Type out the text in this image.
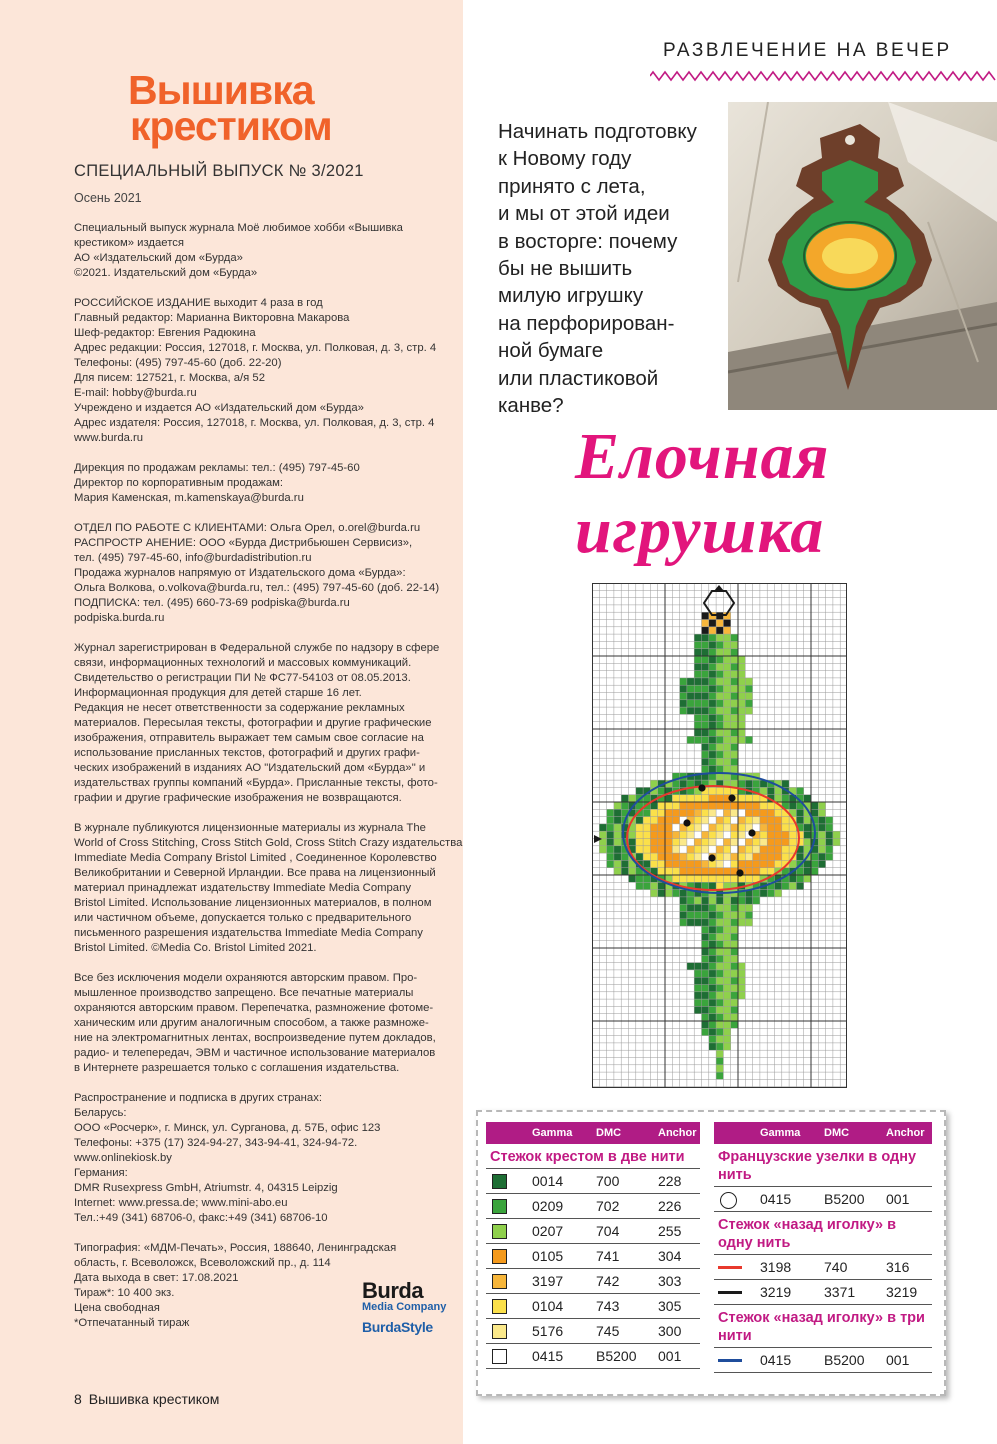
Вышивка
крестиком
СПЕЦИАЛЬНЫЙ ВЫПУСК № 3/2021
Осень 2021

Специальный выпуск журнала Моё любимое хобби «Вышивка
крестиком» издается
АО «Издательский дом «Бурда»
©2021. Издательский дом «Бурда»

РОССИЙСКОЕ ИЗДАНИЕ выходит 4 раза в год
Главный редактор: Марианна Викторовна Макарова
Шеф-редактор: Евгения Радюкина
Адрес редакции: Россия, 127018, г. Москва, ул. Полковая, д. 3, стр. 4
Телефоны: (495) 797-45-60 (доб. 22-20)
Для писем: 127521, г. Москва, а/я 52
E-mail: hobby@burda.ru
Учреждено и издается АО «Издательский дом «Бурда»
Адрес издателя: Россия, 127018, г. Москва, ул. Полковая, д. 3, стр. 4
www.burda.ru

Дирекция по продажам рекламы: тел.: (495) 797-45-60
Директор по корпоративным продажам:
Мария Каменская, m.kamenskaya@burda.ru

ОТДЕЛ ПО РАБОТЕ С КЛИЕНТАМИ: Ольга Орел, o.orel@burda.ru
РАСПРОСТР АНЕНИЕ: ООО «Бурда Дистрибьюшен Сервисиз»,
тел. (495) 797-45-60, info@burdadistribution.ru
Продажа журналов напрямую от Издательского дома «Бурда»:
Ольга Волкова, o.volkova@burda.ru, тел.: (495) 797-45-60 (доб. 22-14)
ПОДПИСКА: тел. (495) 660-73-69 podpiska@burda.ru
podpiska.burda.ru

Журнал зарегистрирован в Федеральной службе по надзору в сфере
связи, информационных технологий и массовых коммуникаций.
Свидетельство о регистрации ПИ № ФС77-54103 от 08.05.2013.
Информационная продукция для детей старше 16 лет.
Редакция не несет ответственности за содержание рекламных
материалов. Пересылая тексты, фотографии и другие графические
изображения, отправитель выражает тем самым свое согласие на
использование присланных текстов, фотографий и других графи-
ческих изображений в изданиях АО "Издательский дом «Бурда»" и
издательствах группы компаний «Бурда». Присланные тексты, фото-
графии и другие графические изображения не возвращаются.

В журнале публикуются лицензионные материалы из журнала The
World of Cross Stitching, Cross Stitch Gold, Cross Stitch Crazy издательства
Immediate Media Company Bristol Limited , Соединенное Королевство
Великобритании и Северной Ирландии. Все права на лицензионный
материал принадлежат издательству Immediate Media Company
Bristol Limited. Использование лицензионных материалов, в полном
или частичном объеме, допускается только с предварительного
письменного разрешения издательства Immediate Media Company
Bristol Limited. ©Media Co. Bristol Limited 2021.

Все без исключения модели охраняются авторским правом. Про-
мышленное производство запрещено. Все печатные материалы
охраняются авторским правом. Перепечатка, размножение фотоме-
ханическим или другим аналогичным способом, а также размноже-
ние на электромагнитных лентах, воспроизведение путем докладов,
радио- и телепередач, ЭВМ и частичное использование материалов
в Интернете разрешается только с соглашения издательства.

Распространение и подписка в других странах:
Беларусь:
ООО «Росчерк», г. Минск, ул. Сурганова, д. 57Б, офис 123
Телефоны: +375 (17) 324-94-27, 343-94-41, 324-94-72.
www.onlinekiosk.by
Германия:
DMR Rusexpress GmbH, Atriumstr. 4, 04315 Leipzig
Internet: www.pressa.de; www.mini-abo.eu
Тел.:+49 (341) 68706-0, факс:+49 (341) 68706-10

Типография: «МДМ-Печать», Россия, 188640, Ленинградская
область, г. Всеволожск, Всеволожский пр., д. 114
Дата выхода в свет: 17.08.2021
Тираж*: 10 400 экз.
Цена свободная
*Отпечатанный тираж

Burda
Media Company
BurdaStyle
8 Вышивка крестиком
РАЗВЛЕЧЕНИЕ НА ВЕЧЕР
Начинать подготовку
к Новому году
принято с лета,
и мы от этой идеи
в восторге: почему
бы не вышить
милую игрушку
на перфорирован-
ной бумаге
или пластиковой
канве?
Елочная
игрушка
Gamma DMC	Anchor
Стежок крестом в две нити
0014 700	228
0209 702	226
0207 704	255
0105 741	304
3197 742	303
0104 743	305
5176 745	300
0415 B5200 001
Gamma DMC	Anchor
Французские узелки в одну нить
0415 B5200 001
Стежок «назад иголку» в одну нить
3198 740	316
3219 3371 3219
Стежок «назад иголку» в три нити
0415 B5200 001
